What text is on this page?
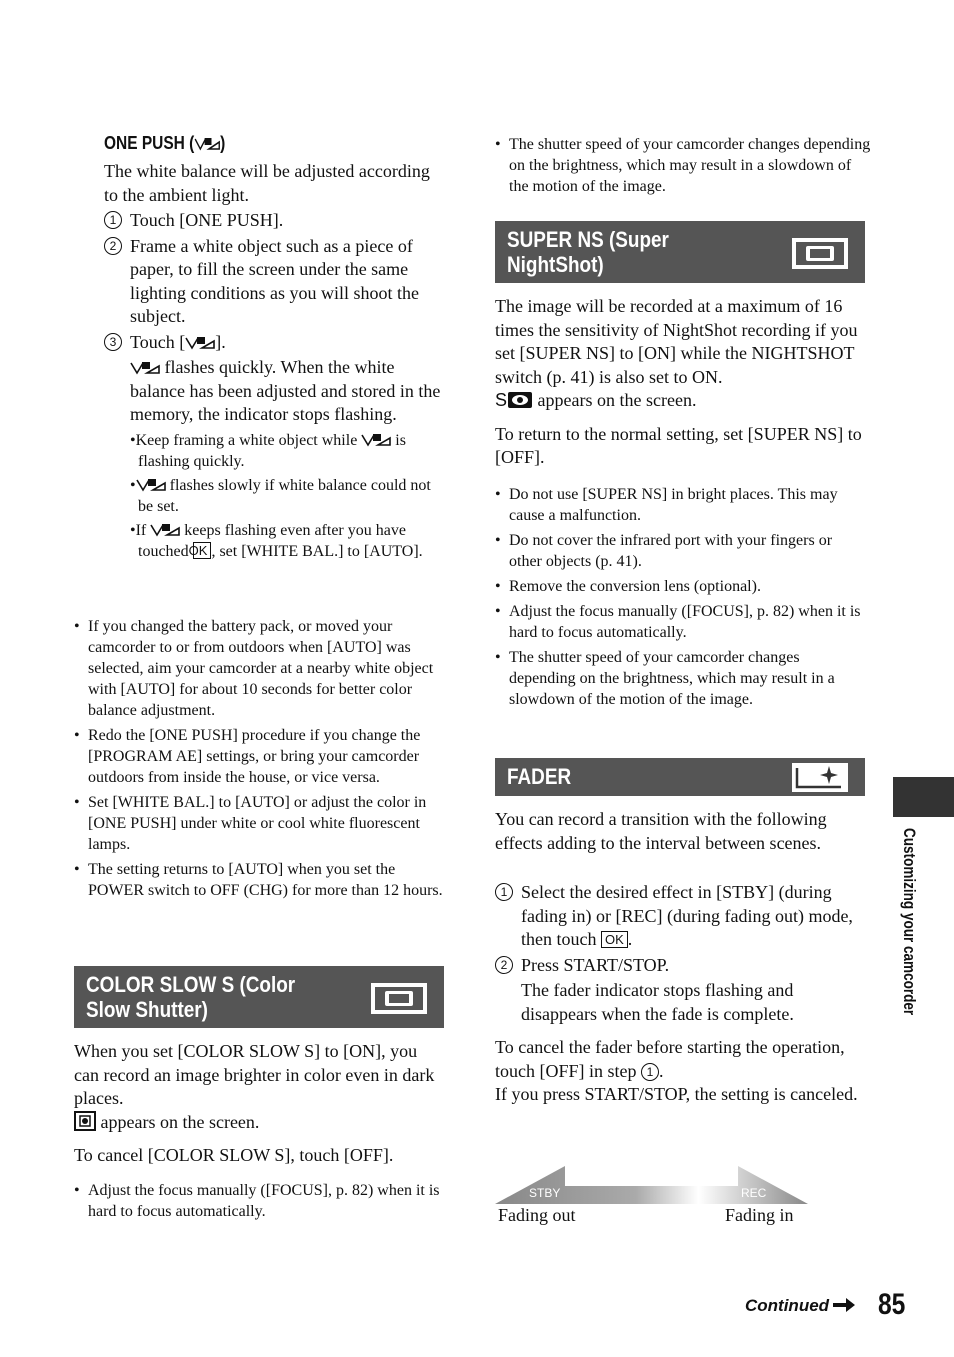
ONE PUSH ( )

The white balance will be adjusted according to the ambient light.

1 Touch [ONE PUSH].
2 Frame a white object such as a piece of paper, to fill the screen under the same lighting conditions as you will shoot the subject.
3 Touch [ ].
flashes quickly. When the white balance has been adjusted and stored in the memory, the indicator stops flashing.
•Keep framing a white object while is flashing quickly.
• flashes slowly if white balance could not be set.
•If keeps flashing even after you have touched OK , set [WHITE BAL.] to [AUTO].
• If you changed the battery pack, or moved your camcorder to or from outdoors when [AUTO] was selected, aim your camcorder at a nearby white object with [AUTO] for about 10 seconds for better color balance adjustment.
• Redo the [ONE PUSH] procedure if you change the [PROGRAM AE] settings, or bring your camcorder outdoors from inside the house, or vice versa.
• Set [WHITE BAL.] to [AUTO] or adjust the color in [ONE PUSH] under white or cool white fluorescent lamps.
• The setting returns to [AUTO] when you set the POWER switch to OFF (CHG) for more than 12 hours.
COLOR SLOW S (Color
Slow Shutter)

When you set [COLOR SLOW S] to [ON], you can record an image brighter in color even in dark places.

appears on the screen.

To cancel [COLOR SLOW S], touch [OFF].

• Adjust the focus manually ([FOCUS], p. 82) when it is hard to focus automatically.
• The shutter speed of your camcorder changes depending on the brightness, which may result in a slowdown of the motion of the image.
SUPER NS (Super
NightShot)

The image will be recorded at a maximum of 16 times the sensitivity of NightShot recording if you set [SUPER NS] to [ON] while the NIGHTSHOT switch (p. 41) is also set to ON.

S appears on the screen.

To return to the normal setting, set [SUPER NS] to [OFF].

• Do not use [SUPER NS] in bright places. This may cause a malfunction.
• Do not cover the infrared port with your fingers or other objects (p. 41).
• Remove the conversion lens (optional).
• Adjust the focus manually ([FOCUS], p. 82) when it is hard to focus automatically.
• The shutter speed of your camcorder changes depending on the brightness, which may result in a slowdown of the motion of the image.
FADER

You can record a transition with the following effects adding to the interval between scenes.

1 Select the desired effect in [STBY] (during fading in) or [REC] (during fading out) mode, then touch OK .
2 Press START/STOP.

The fader indicator stops flashing and disappears when the fade is complete.

To cancel the fader before starting the operation, touch [OFF] in step 1 .

If you press START/STOP, the setting is canceled.

STBY	REC
Fading out	Fading in
Customizing your camcorder
Continued	85
